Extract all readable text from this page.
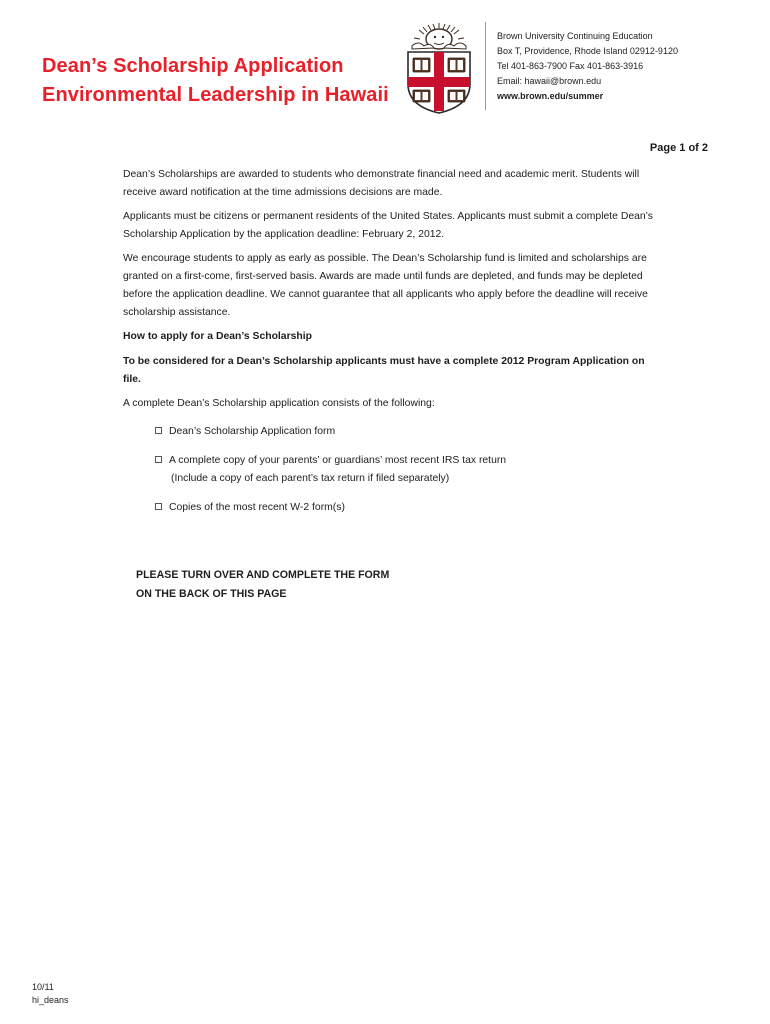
Dean’s Scholarship Application
Environmental Leadership in Hawaii
Brown University Continuing Education
Box T, Providence, Rhode Island 02912-9120
Tel 401-863-7900 Fax 401-863-3916
Email: hawaii@brown.edu
www.brown.edu/summer
Page 1 of 2

Dean’s Scholarships are awarded to students who demonstrate financial need and academic merit. Students will receive award notification at the time admissions decisions are made.

Applicants must be citizens or permanent residents of the United States. Applicants must submit a complete Dean’s Scholarship Application by the application deadline: February 2, 2012.

We encourage students to apply as early as possible. The Dean’s Scholarship fund is limited and scholarships are granted on a first-come, first-served basis. Awards are made until funds are depleted, and funds may be depleted before the application deadline. We cannot guarantee that all applicants who apply before the deadline will receive scholarship assistance.

How to apply for a Dean’s Scholarship

To be considered for a Dean’s Scholarship applicants must have a complete 2012 Program Application on file.

A complete Dean’s Scholarship application consists of the following:

Dean’s Scholarship Application form
A complete copy of your parents’ or guardians’ most recent IRS tax return
(Include a copy of each parent’s tax return if filed separately)
Copies of the most recent W-2 form(s)
PLEASE TURN OVER AND COMPLETE THE FORM
ON THE BACK OF THIS PAGE
10/11
hi_deans
